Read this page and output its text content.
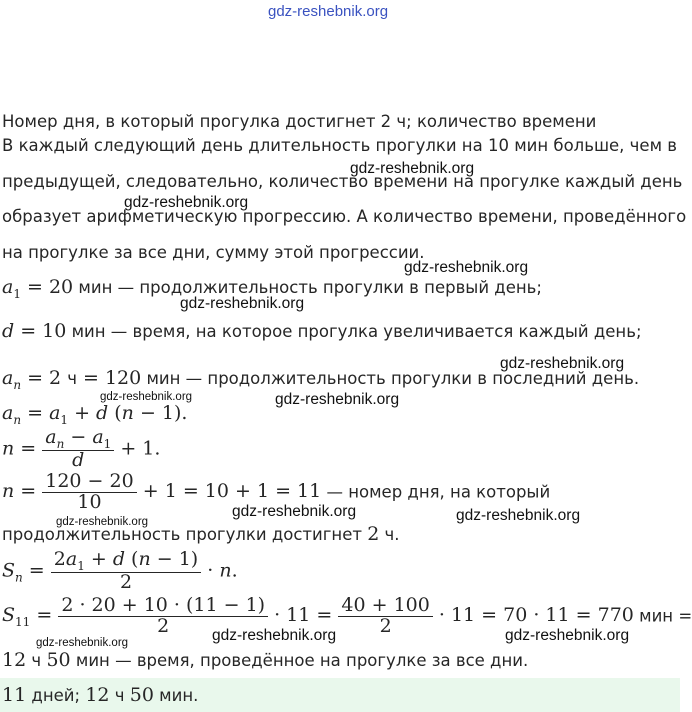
gdz-reshebnik.org
Номер дня, в который прогулка достигнет 2 ч; количество времени
В каждый следующий день длительность прогулки на 10 мин больше, чем в
предыдущей, следовательно, количество времени на прогулке каждый день
образует арифметическую прогрессию. А количество времени, проведённого
на прогулке за все дни, сумму этой прогрессии.
$a_1 = 20$ мин — продолжительность прогулки в первый день;
d = 10 мин — время, на которое прогулка увеличивается каждый день;
$a_n = 2$ ч = 120 мин — продолжительность прогулки в последний день.
$a_n = a_1 + d$ (n − 1).
$n = \frac{a_n - a_1}{d} + 1$.
$n = \frac{120 - 20}{10} + 1 = 10 + 1 = 11$ — номер дня, на который
продолжительность прогулки достигнет 2 ч.
$S_n = \frac{2a_1 + d (n - 1)}{2} \cdot n$.
$S_{11} = \frac{2 \cdot 20 + 10 \cdot (11 - 1)}{2} \cdot 11 = \frac{40 + 100}{2} \cdot 11 = 70 \cdot 11 = 770$ мин =
12 ч 50 мин — время, проведённое на прогулке за все дни.
11 дней; 12 ч 50 мин.
gdz-reshebnik.org
gdz-reshebnik.org
gdz-reshebnik.org
gdz-reshebnik.org
gdz-reshebnik.org
gdz-reshebnik.org	gdz-reshebnik.org
gdz-reshebnik.org
gdz-reshebnik.org	gdz-reshebnik.org
gdz-reshebnik.org	gdz-reshebnik.org	gdz-reshebnik.org
